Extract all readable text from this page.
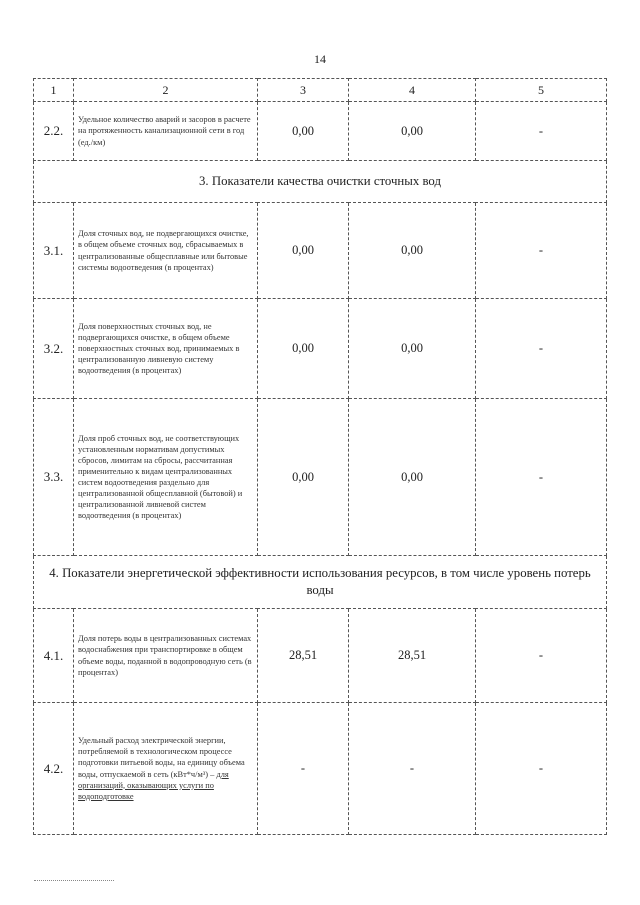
14
1	2	3	4	5
2.2.	Удельное количество аварий и засоров в расчете на протяженность канализационной сети в год (ед./км)	0,00	0,00	-
3. Показатели качества очистки сточных вод				
3.1.	Доля сточных вод, не подвергающихся очистке, в общем объеме сточных вод, сбрасываемых в централизованные общесплавные или бытовые системы водоотведения (в процентах)	0,00	0,00	-
3.2.	Доля поверхностных сточных вод, не подвергающихся очистке, в общем объеме поверхностных сточных вод, принимаемых в централизованную ливневую систему водоотведения (в процентах)	0,00	0,00	-
3.3.	Доля проб сточных вод, не соответствующих установленным нормативам допустимых сбросов, лимитам на сбросы, рассчитанная применительно к видам централизованных систем водоотведения раздельно для централизованной общесплавной (бытовой) и централизованной ливневой систем водоотведения (в процентах)	0,00	0,00	-
4. Показатели энергетической эффективности использования ресурсов, в том числе уровень потерь воды				
4.1.	Доля потерь воды в централизованных системах водоснабжения при транспортировке в общем объеме воды, поданной в водопроводную сеть (в процентах)	28,51	28,51	-
4.2.	Удельный расход электрической энергии, потребляемой в технологическом процессе подготовки питьевой воды, на единицу объема воды, отпускаемой в сеть (кВт*ч/м³) – для организаций, оказывающих услуги по водоподготовке	-	-	-
